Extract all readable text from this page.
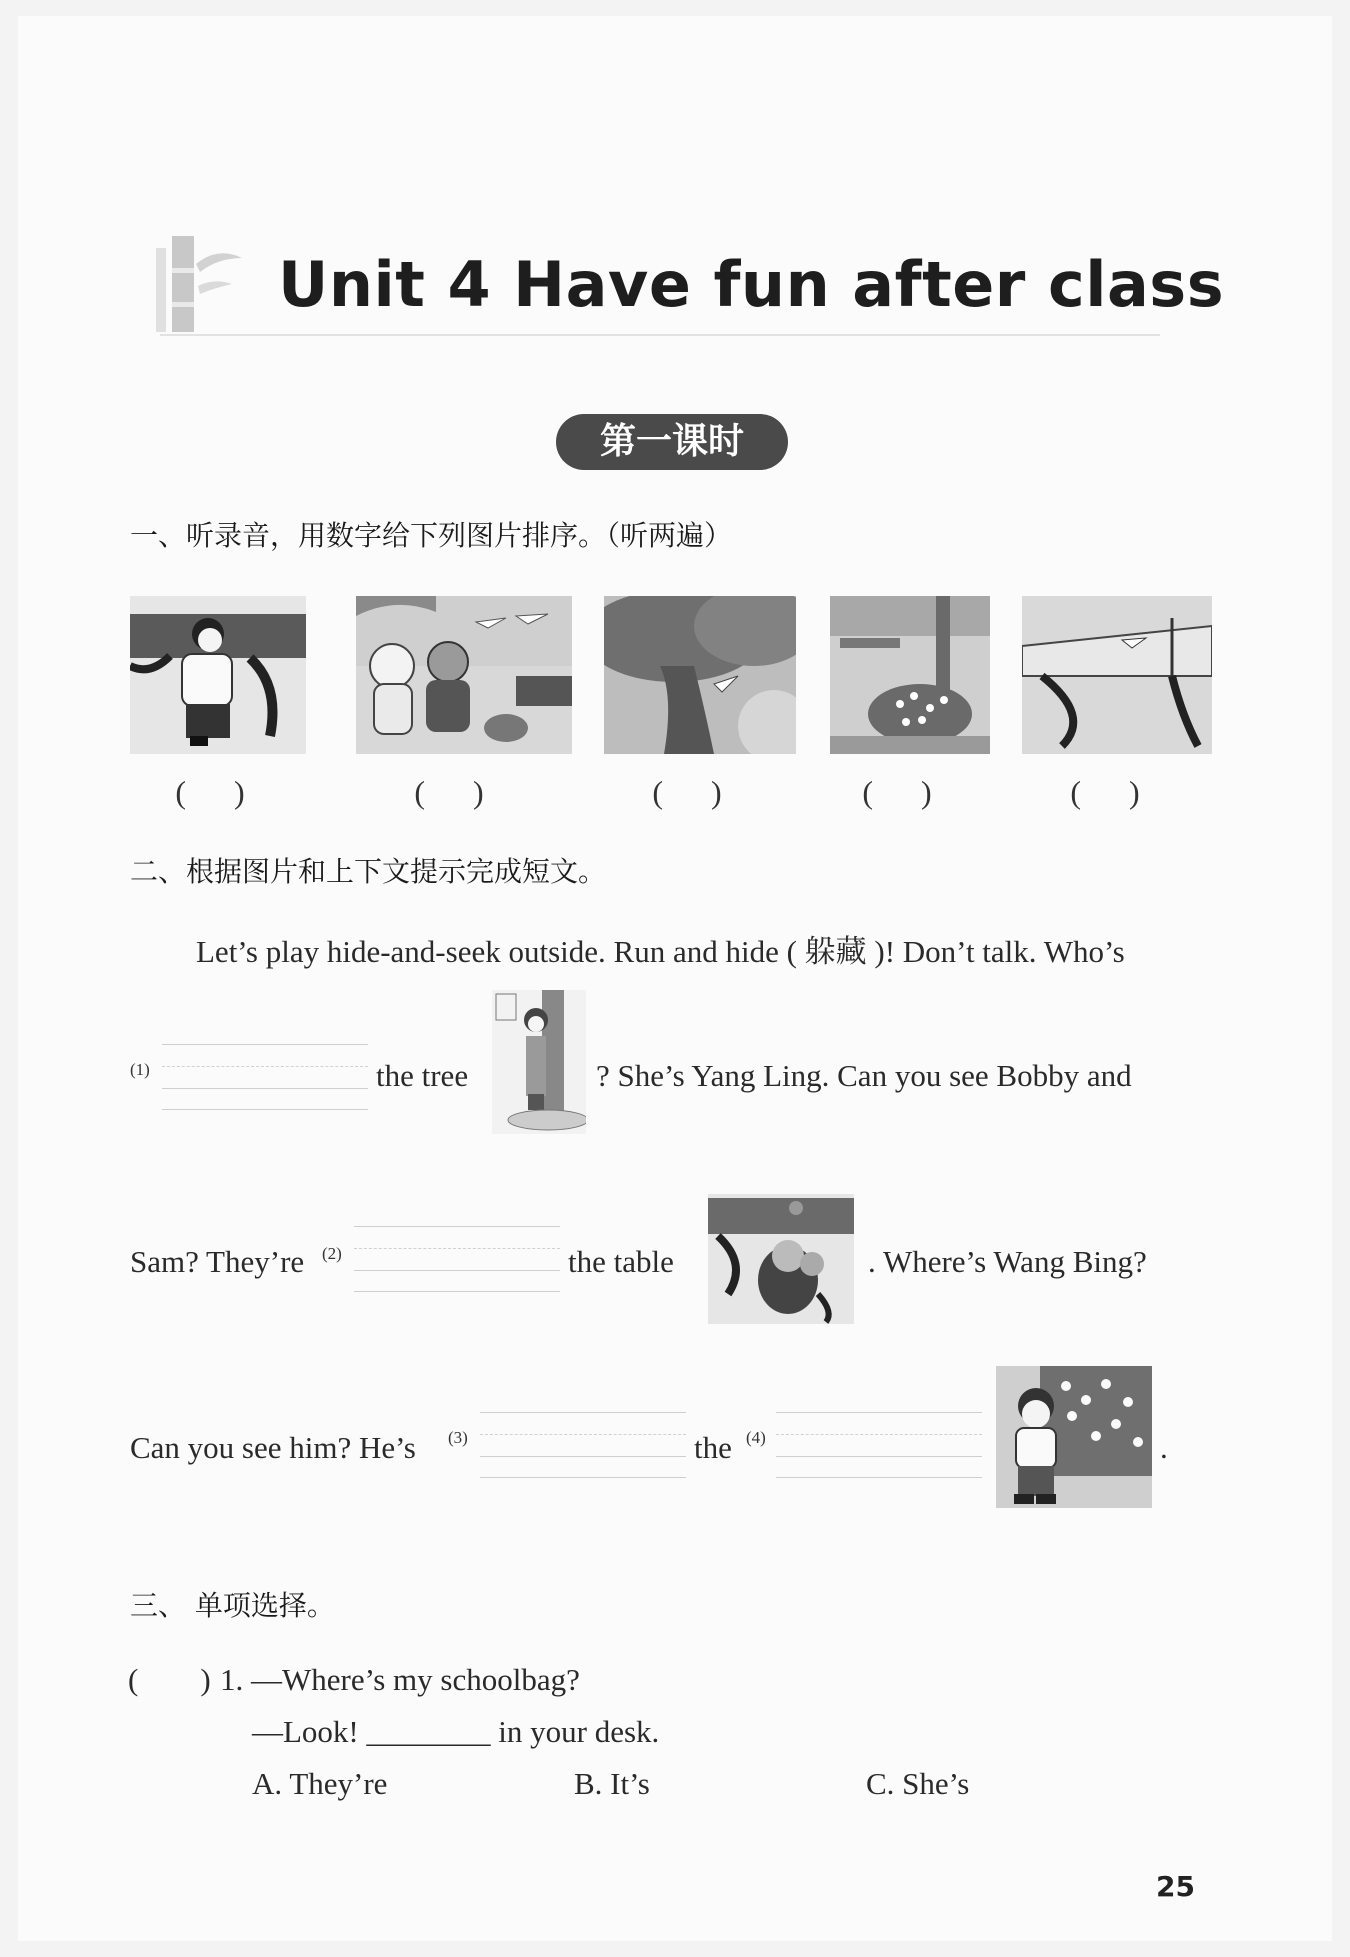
Unit 4 Have fun after class
第一课时
一、听录音，用数字给下列图片排序。（听两遍）
(      )	(      )	(      )	(      )	(      )
二、根据图片和上下文提示完成短文。
Let’s play hide-and-seek outside. Run and hide ( 躲藏 )! Don’t talk. Who’s
(1)	the tree	? She’s Yang Ling. Can you see Bobby and
Sam? They’re (2)	the table	. Where’s Wang Bing?
Can you see him? He’s (3)	the (4)	.
三、 单项选择。
(        ) 1. —Where’s my schoolbag?
—Look! ________ in your desk.
A. They’re	B. It’s	C. She’s
25
